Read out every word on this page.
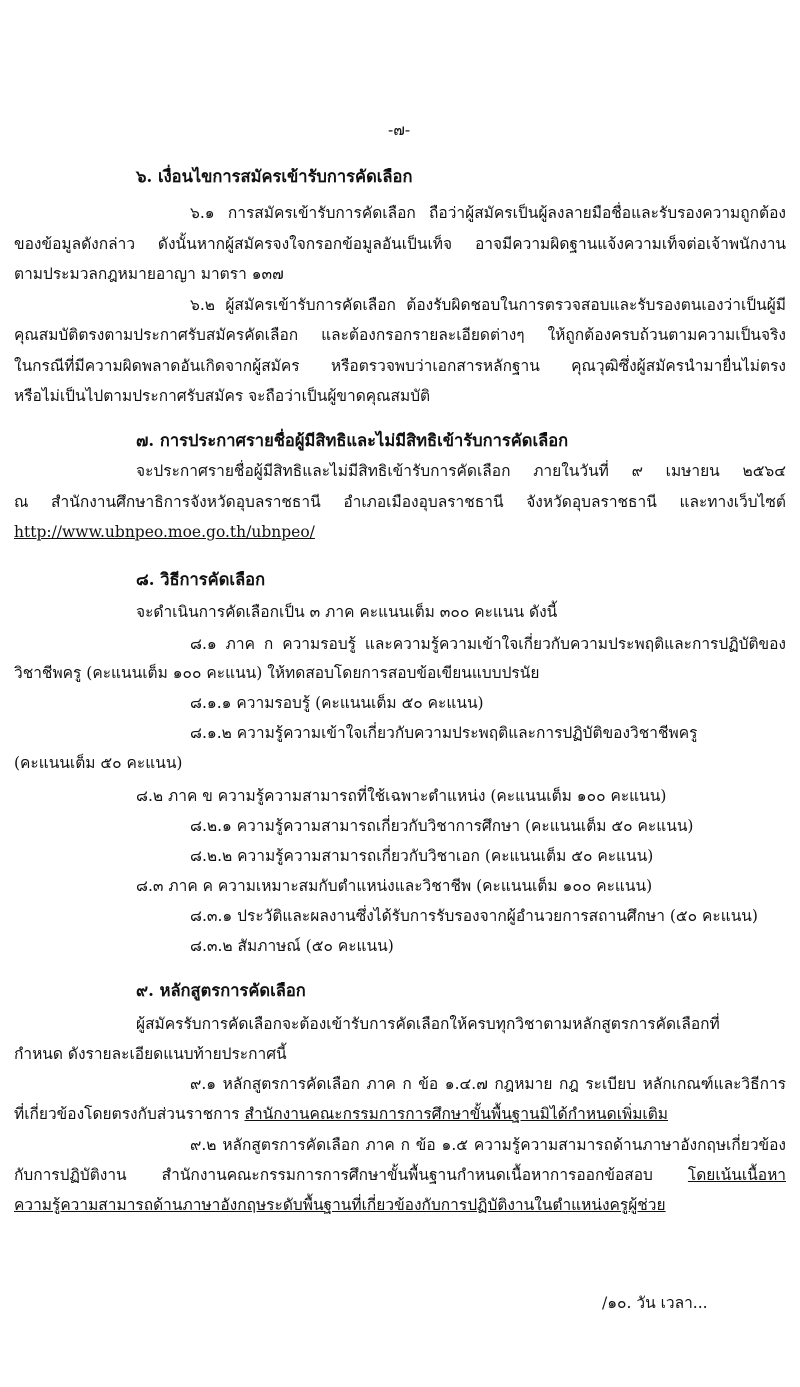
-๗-
๖. เงื่อนไขการสมัครเข้ารับการคัดเลือก
๖.๑ การสมัครเข้ารับการคัดเลือก ถือว่าผู้สมัครเป็นผู้ลงลายมือชื่อและรับรองความถูกต้อง
ของข้อมูลดังกล่าว ดังนั้นหากผู้สมัครจงใจกรอกข้อมูลอันเป็นเท็จ อาจมีความผิดฐานแจ้งความเท็จต่อเจ้าพนักงาน
ตามประมวลกฎหมายอาญา มาตรา ๑๓๗
๖.๒ ผู้สมัครเข้ารับการคัดเลือก ต้องรับผิดชอบในการตรวจสอบและรับรองตนเองว่าเป็นผู้มี
คุณสมบัติตรงตามประกาศรับสมัครคัดเลือก และต้องกรอกรายละเอียดต่างๆ ให้ถูกต้องครบถ้วนตามความเป็นจริง
ในกรณีที่มีความผิดพลาดอันเกิดจากผู้สมัคร หรือตรวจพบว่าเอกสารหลักฐาน คุณวุฒิซึ่งผู้สมัครนำมายื่นไม่ตรง
หรือไม่เป็นไปตามประกาศรับสมัคร จะถือว่าเป็นผู้ขาดคุณสมบัติ
๗. การประกาศรายชื่อผู้มีสิทธิและไม่มีสิทธิเข้ารับการคัดเลือก
จะประกาศรายชื่อผู้มีสิทธิและไม่มีสิทธิเข้ารับการคัดเลือก ภายในวันที่ ๙ เมษายน ๒๕๖๔
ณ สำนักงานศึกษาธิการจังหวัดอุบลราชธานี อำเภอเมืองอุบลราชธานี จังหวัดอุบลราชธานี และทางเว็บไซต์
http://www.ubnpeo.moe.go.th/ubnpeo/
๘. วิธีการคัดเลือก
จะดำเนินการคัดเลือกเป็น ๓ ภาค คะแนนเต็ม ๓๐๐ คะแนน ดังนี้
๘.๑ ภาค ก ความรอบรู้ และความรู้ความเข้าใจเกี่ยวกับความประพฤติและการปฏิบัติของ
วิชาชีพครู (คะแนนเต็ม ๑๐๐ คะแนน) ให้ทดสอบโดยการสอบข้อเขียนแบบปรนัย
๘.๑.๑ ความรอบรู้ (คะแนนเต็ม ๕๐ คะแนน)
๘.๑.๒ ความรู้ความเข้าใจเกี่ยวกับความประพฤติและการปฏิบัติของวิชาชีพครู
(คะแนนเต็ม ๕๐ คะแนน)
๘.๒ ภาค ข ความรู้ความสามารถที่ใช้เฉพาะตำแหน่ง (คะแนนเต็ม ๑๐๐ คะแนน)
๘.๒.๑ ความรู้ความสามารถเกี่ยวกับวิชาการศึกษา (คะแนนเต็ม ๕๐ คะแนน)
๘.๒.๒ ความรู้ความสามารถเกี่ยวกับวิชาเอก (คะแนนเต็ม ๕๐ คะแนน)
๘.๓ ภาค ค ความเหมาะสมกับตำแหน่งและวิชาชีพ (คะแนนเต็ม ๑๐๐ คะแนน)
๘.๓.๑ ประวัติและผลงานซึ่งได้รับการรับรองจากผู้อำนวยการสถานศึกษา (๕๐ คะแนน)
๘.๓.๒ สัมภาษณ์ (๕๐ คะแนน)
๙. หลักสูตรการคัดเลือก
ผู้สมัครรับการคัดเลือกจะต้องเข้ารับการคัดเลือกให้ครบทุกวิชาตามหลักสูตรการคัดเลือกที่
กำหนด ดังรายละเอียดแนบท้ายประกาศนี้
๙.๑ หลักสูตรการคัดเลือก ภาค ก ข้อ ๑.๔.๗ กฎหมาย กฎ ระเบียบ หลักเกณฑ์และวิธีการ
ที่เกี่ยวข้องโดยตรงกับส่วนราชการ สำนักงานคณะกรรมการการศึกษาขั้นพื้นฐานมิได้กำหนดเพิ่มเติม
๙.๒ หลักสูตรการคัดเลือก ภาค ก ข้อ ๑.๕ ความรู้ความสามารถด้านภาษาอังกฤษเกี่ยวข้อง
กับการปฏิบัติงาน สำนักงานคณะกรรมการการศึกษาขั้นพื้นฐานกำหนดเนื้อหาการออกข้อสอบ โดยเน้นเนื้อหา
ความรู้ความสามารถด้านภาษาอังกฤษระดับพื้นฐานที่เกี่ยวข้องกับการปฏิบัติงานในตำแหน่งครูผู้ช่วย
/๑๐. วัน เวลา...
